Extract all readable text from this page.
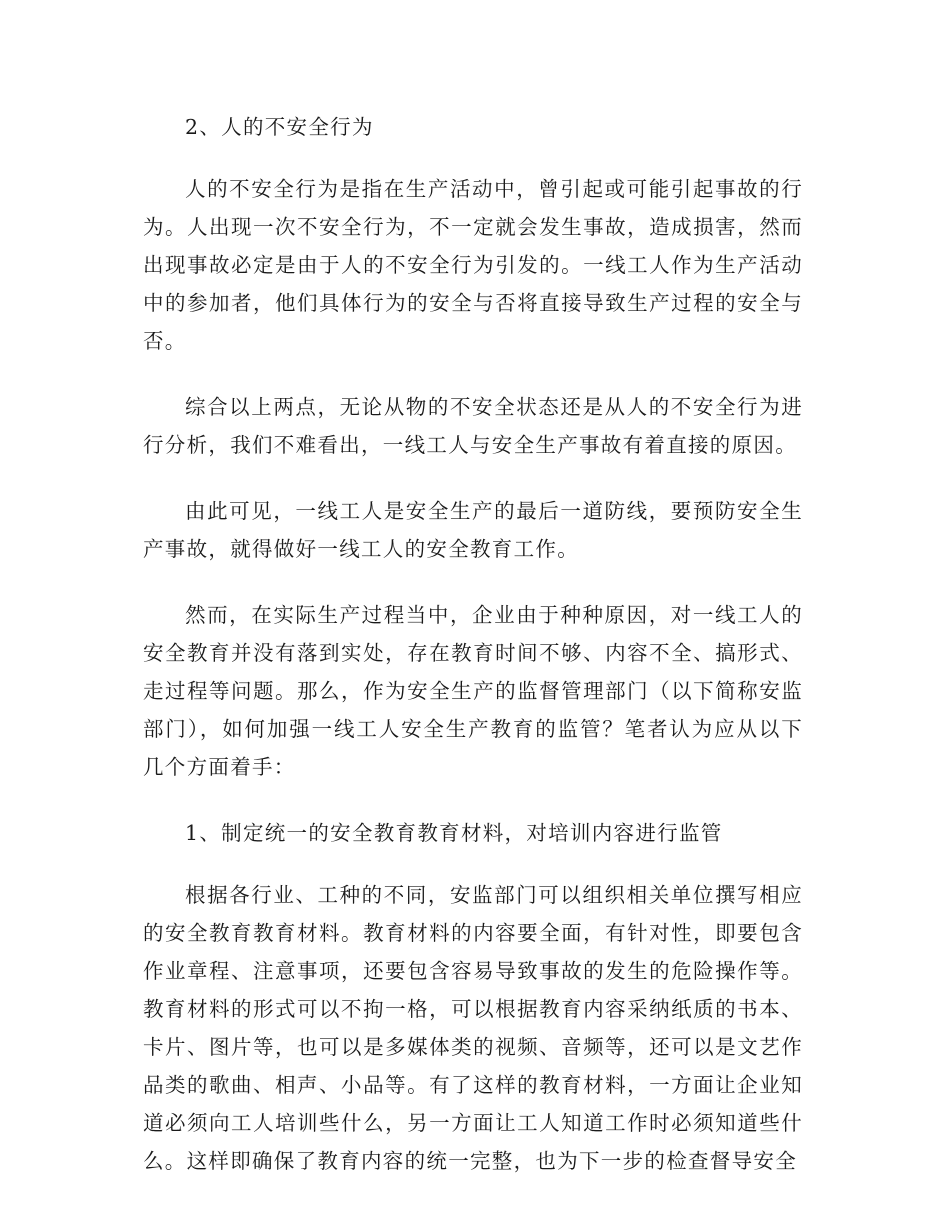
2、人的不安全行为

人的不安全行为是指在生产活动中，曾引起或可能引起事故的行为。人出现一次不安全行为，不一定就会发生事故，造成损害，然而出现事故必定是由于人的不安全行为引发的。一线工人作为生产活动中的参加者，他们具体行为的安全与否将直接导致生产过程的安全与否。

综合以上两点，无论从物的不安全状态还是从人的不安全行为进行分析，我们不难看出，一线工人与安全生产事故有着直接的原因。

由此可见，一线工人是安全生产的最后一道防线，要预防安全生产事故，就得做好一线工人的安全教育工作。

然而，在实际生产过程当中，企业由于种种原因，对一线工人的安全教育并没有落到实处，存在教育时间不够、内容不全、搞形式、走过程等问题。那么，作为安全生产的监督管理部门（以下简称安监部门），如何加强一线工人安全生产教育的监管？笔者认为应从以下几个方面着手：

1、制定统一的安全教育教育材料，对培训内容进行监管

根据各行业、工种的不同，安监部门可以组织相关单位撰写相应的安全教育教育材料。教育材料的内容要全面，有针对性，即要包含作业章程、注意事项，还要包含容易导致事故的发生的危险操作等。教育材料的形式可以不拘一格，可以根据教育内容采纳纸质的书本、卡片、图片等，也可以是多媒体类的视频、音频等，还可以是文艺作品类的歌曲、相声、小品等。有了这样的教育材料，一方面让企业知道必须向工人培训些什么，另一方面让工人知道工作时必须知道些什么。这样即确保了教育内容的统一完整，也为下一步的检查督导安全
